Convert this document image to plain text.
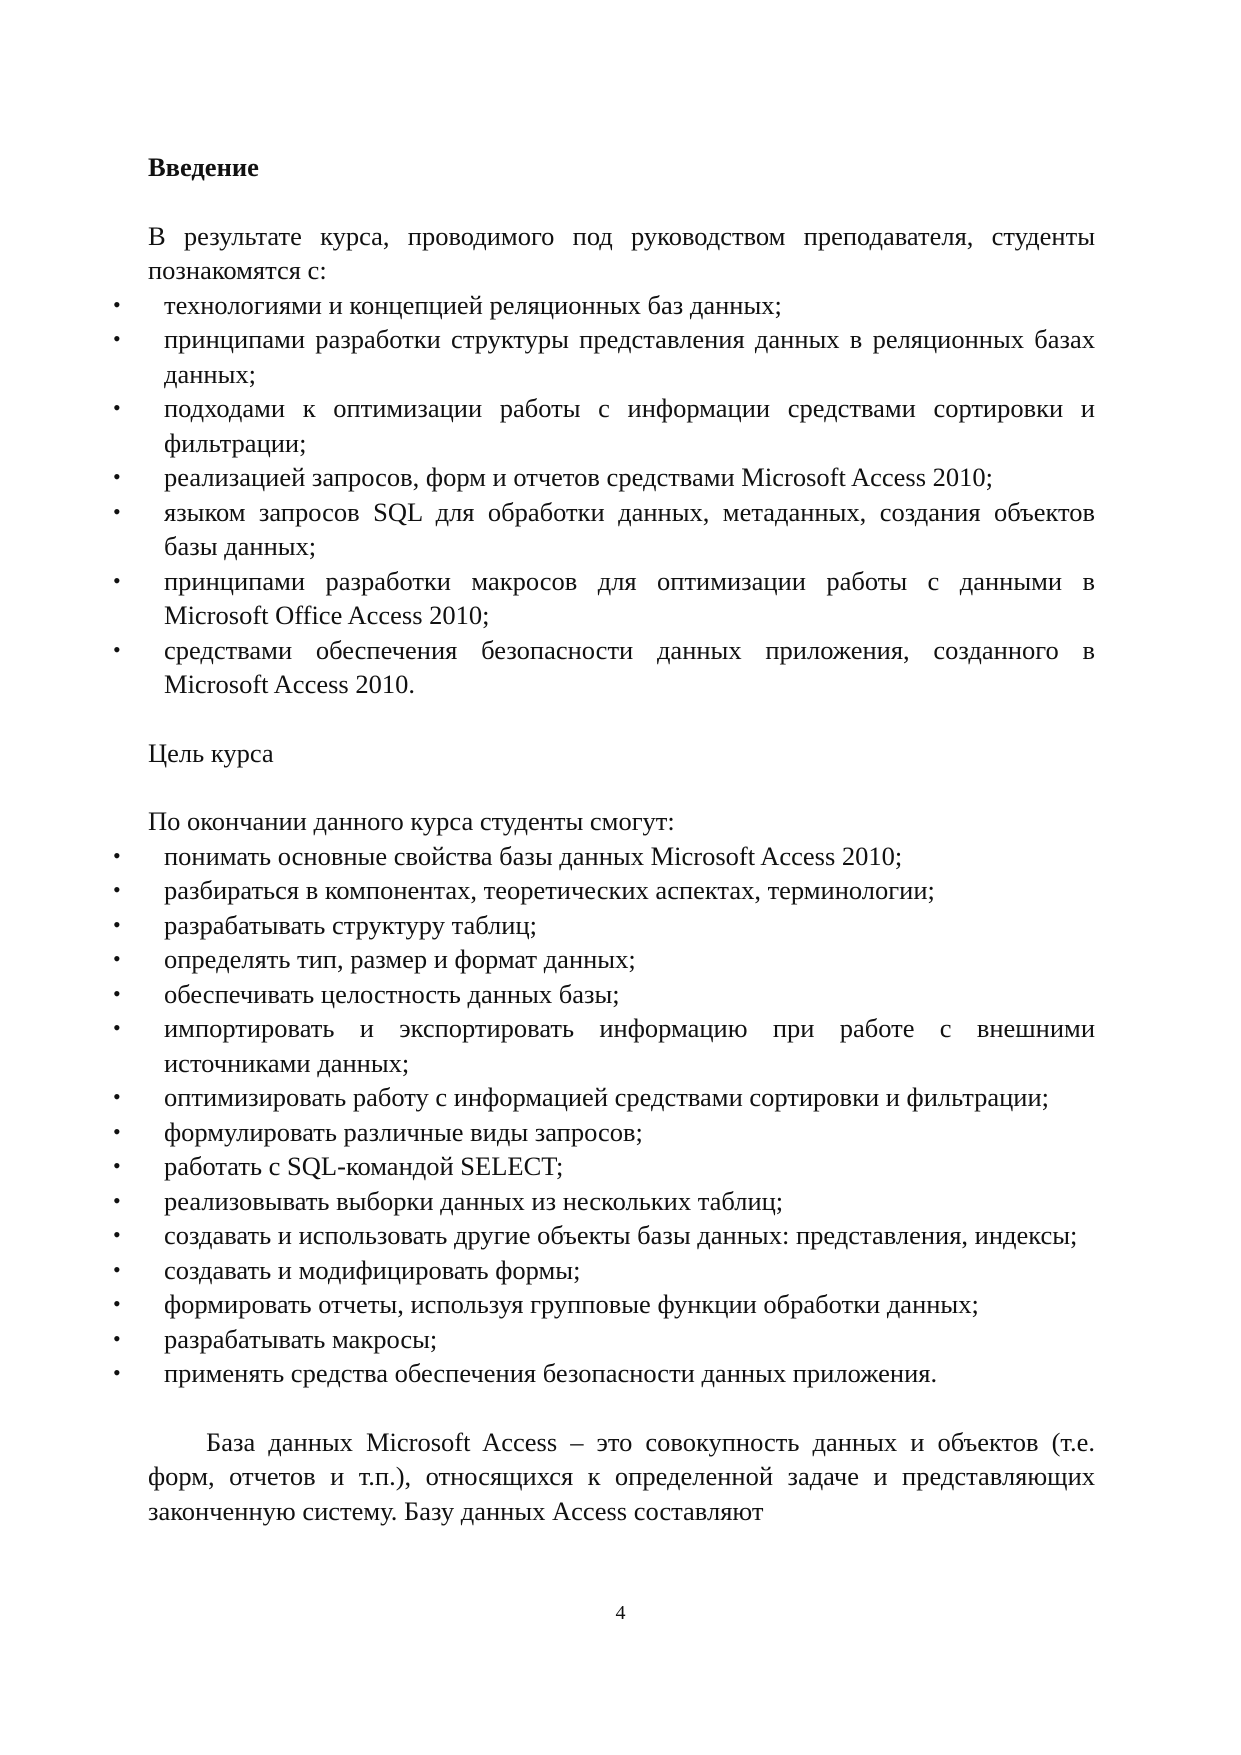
Введение

В результате курса, проводимого под руководством преподавателя, студенты познакомятся с:

• технологиями и концепцией реляционных баз данных;
• принципами разработки структуры представления данных в реляционных базах данных;
• подходами к оптимизации работы с информации средствами сортировки и фильтрации;
• реализацией запросов, форм и отчетов средствами Microsoft Access 2010;
• языком запросов SQL для обработки данных, метаданных, создания объектов базы данных;
• принципами разработки макросов для оптимизации работы с данными в Microsoft Office Access 2010;
• средствами обеспечения безопасности данных приложения, созданного в Microsoft Access 2010.

Цель курса

По окончании данного курса студенты смогут:

• понимать основные свойства базы данных Microsoft Access 2010;
• разбираться в компонентах, теоретических аспектах, терминологии;
• разрабатывать структуру таблиц;
• определять тип, размер и формат данных;
• обеспечивать целостность данных базы;
• импортировать и экспортировать информацию при работе с внешними источниками данных;
• оптимизировать работу с информацией средствами сортировки и фильтрации;
• формулировать различные виды запросов;
• работать с SQL-командой SELECT;
• реализовывать выборки данных из нескольких таблиц;
• создавать и использовать другие объекты базы данных: представления, индексы;
• создавать и модифицировать формы;
• формировать отчеты, используя групповые функции обработки данных;
• разрабатывать макросы;
• применять средства обеспечения безопасности данных приложения.

База данных Microsoft Access – это совокупность данных и объектов (т.е. форм, отчетов и т.п.), относящихся к определенной задаче и представляющих законченную систему. Базу данных Access составляют

4
